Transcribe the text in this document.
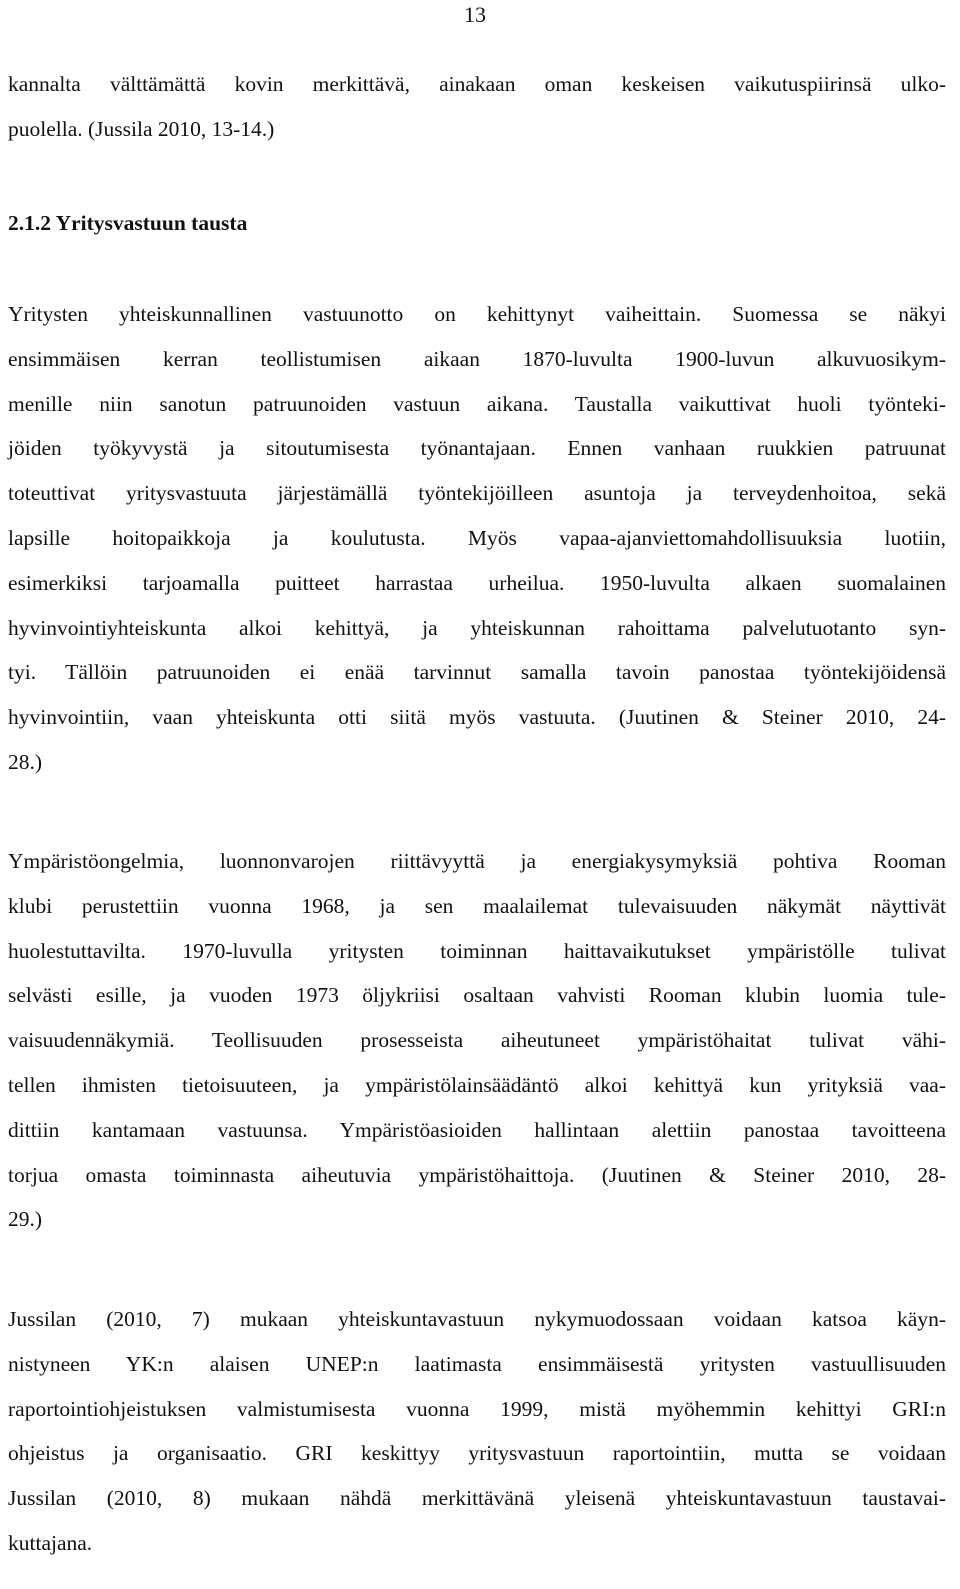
13
kannalta välttämättä kovin merkittävä, ainakaan oman keskeisen vaikutuspiirinsä ulko-
puolella. (Jussila 2010, 13-14.)
2.1.2 Yritysvastuun tausta
Yritysten yhteiskunnallinen vastuunotto on kehittynyt vaiheittain. Suomessa se näkyi
ensimmäisen kerran teollistumisen aikaan 1870-luvulta 1900-luvun alkuvuosikym-
menille niin sanotun patruunoiden vastuun aikana. Taustalla vaikuttivat huoli työnteki-
jöiden työkyvystä ja sitoutumisesta työnantajaan. Ennen vanhaan ruukkien patruunat
toteuttivat yritysvastuuta järjestämällä työntekijöilleen asuntoja ja terveydenhoitoa, sekä
lapsille hoitopaikkoja ja koulutusta. Myös vapaa-ajanviettomahdollisuuksia luotiin,
esimerkiksi tarjoamalla puitteet harrastaa urheilua. 1950-luvulta alkaen suomalainen
hyvinvointiyhteiskunta alkoi kehittyä, ja yhteiskunnan rahoittama palvelutuotanto syn-
tyi. Tällöin patruunoiden ei enää tarvinnut samalla tavoin panostaa työntekijöidensä
hyvinvointiin, vaan yhteiskunta otti siitä myös vastuuta. (Juutinen & Steiner 2010, 24-
28.)
Ympäristöongelmia, luonnonvarojen riittävyyttä ja energiakysymyksiä pohtiva Rooman
klubi perustettiin vuonna 1968, ja sen maalailemat tulevaisuuden näkymät näyttivät
huolestuttavilta. 1970-luvulla yritysten toiminnan haittavaikutukset ympäristölle tulivat
selvästi esille, ja vuoden 1973 öljykriisi osaltaan vahvisti Rooman klubin luomia tule-
vaisuudennäkymiä. Teollisuuden prosesseista aiheutuneet ympäristöhaitat tulivat vähi-
tellen ihmisten tietoisuuteen, ja ympäristölainsäädäntö alkoi kehittyä kun yrityksiä vaa-
dittiin kantamaan vastuunsa. Ympäristöasioiden hallintaan alettiin panostaa tavoitteena
torjua omasta toiminnasta aiheutuvia ympäristöhaittoja. (Juutinen & Steiner 2010, 28-
29.)
Jussilan (2010, 7) mukaan yhteiskuntavastuun nykymuodossaan voidaan katsoa käyn-
nistyneen YK:n alaisen UNEP:n laatimasta ensimmäisestä yritysten vastuullisuuden
raportointiohjeistuksen valmistumisesta vuonna 1999, mistä myöhemmin kehittyi GRI:n
ohjeistus ja organisaatio. GRI keskittyy yritysvastuun raportointiin, mutta se voidaan
Jussilan (2010, 8) mukaan nähdä merkittävänä yleisenä yhteiskuntavastuun taustavai-
kuttajana.
